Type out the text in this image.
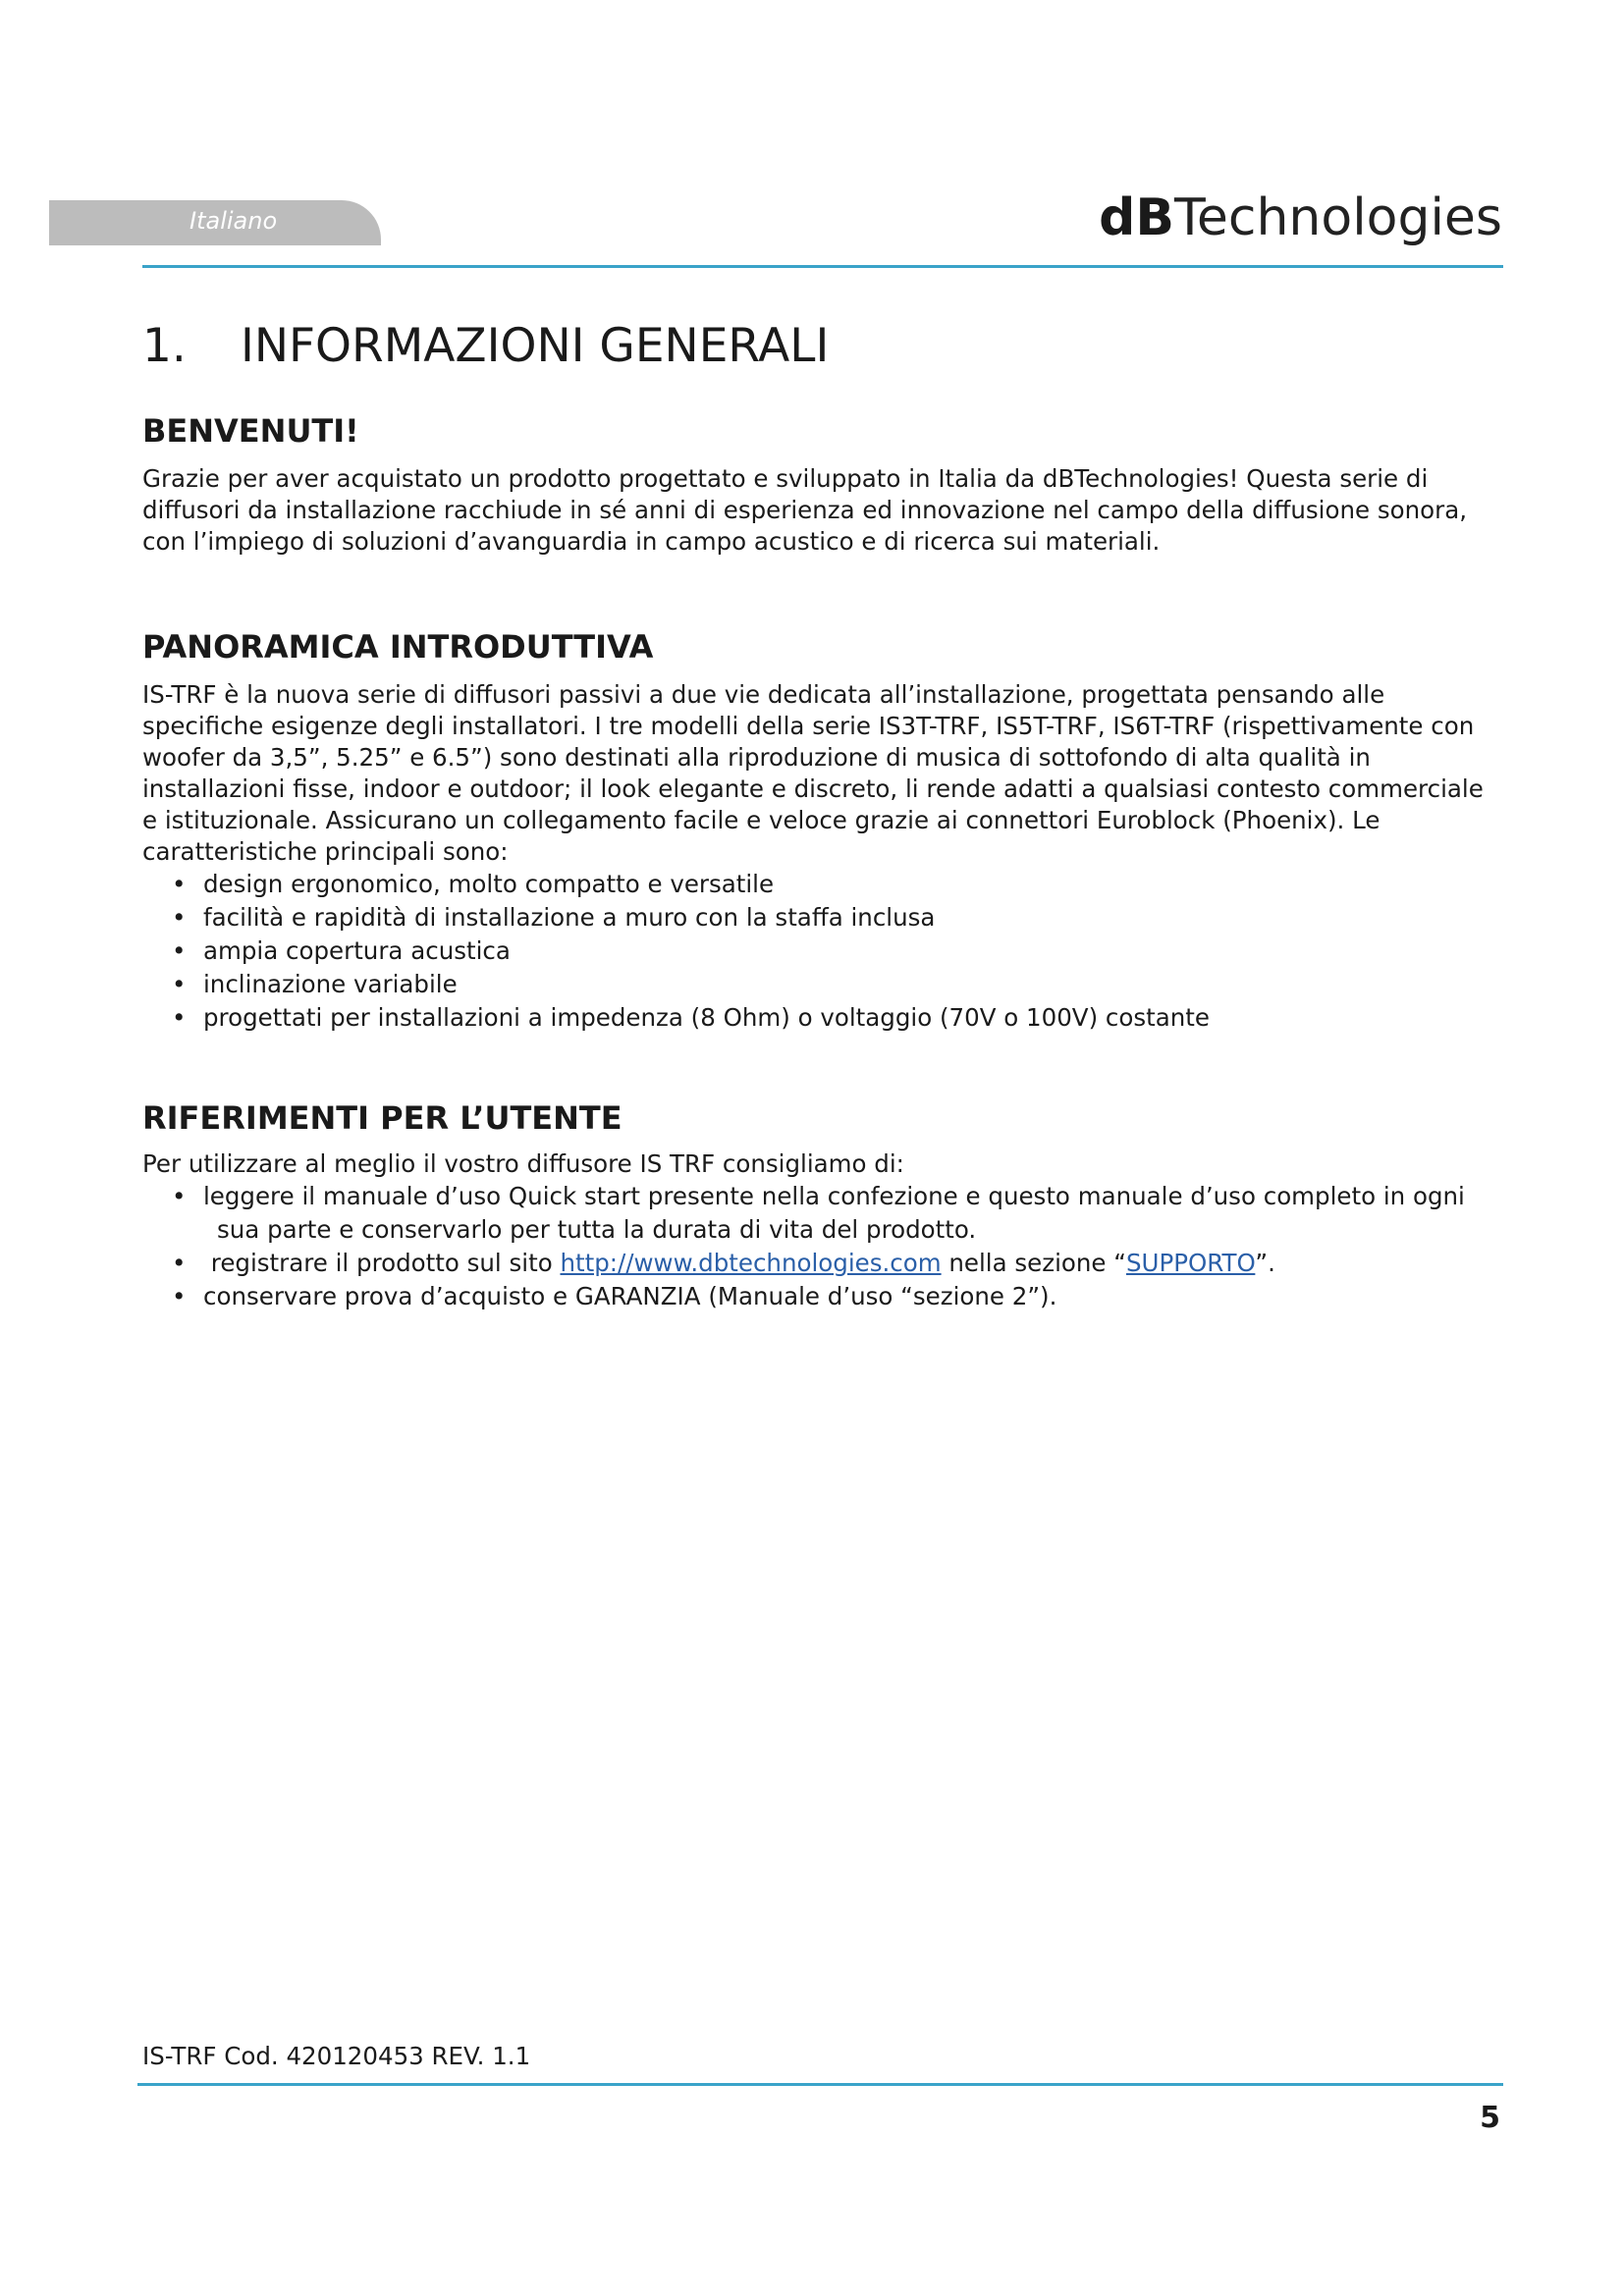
Italiano	dBTechnologies
1. INFORMAZIONI GENERALI
BENVENUTI!

Grazie per aver acquistato un prodotto progettato e sviluppato in Italia da dBTechnologies! Questa serie di diffusori da installazione racchiude in sé anni di esperienza ed innovazione nel campo della diffusione sonora, con l’impiego di soluzioni d’avanguardia in campo acustico e di ricerca sui materiali.

PANORAMICA INTRODUTTIVA

IS-TRF è la nuova serie di diffusori passivi a due vie dedicata all’installazione, progettata pensando alle specifiche esigenze degli installatori. I tre modelli della serie IS3T-TRF, IS5T-TRF, IS6T-TRF (rispettivamente con woofer da 3,5”, 5.25” e 6.5”) sono destinati alla riproduzione di musica di sottofondo di alta qualità in installazioni fisse, indoor e outdoor; il look elegante e discreto, li rende adatti a qualsiasi contesto commerciale e istituzionale. Assicurano un collegamento facile e veloce grazie ai connettori Euroblock (Phoenix). Le caratteristiche principali sono:

• design ergonomico, molto compatto e versatile
• facilità e rapidità di installazione a muro con la staffa inclusa
• ampia copertura acustica
• inclinazione variabile
• progettati per installazioni a impedenza (8 Ohm) o voltaggio (70V o 100V) costante
RIFERIMENTI PER L’UTENTE

Per utilizzare al meglio il vostro diffusore IS TRF consigliamo di:

• leggere il manuale d’uso Quick start presente nella confezione e questo manuale d’uso completo in ogni
sua parte e conservarlo per tutta la durata di vita del prodotto.
• registrare il prodotto sul sito http://www.dbtechnologies.com nella sezione “SUPPORTO”.
• conservare prova d’acquisto e GARANZIA (Manuale d’uso “sezione 2”).
IS-TRF Cod. 420120453 REV. 1.1
5
